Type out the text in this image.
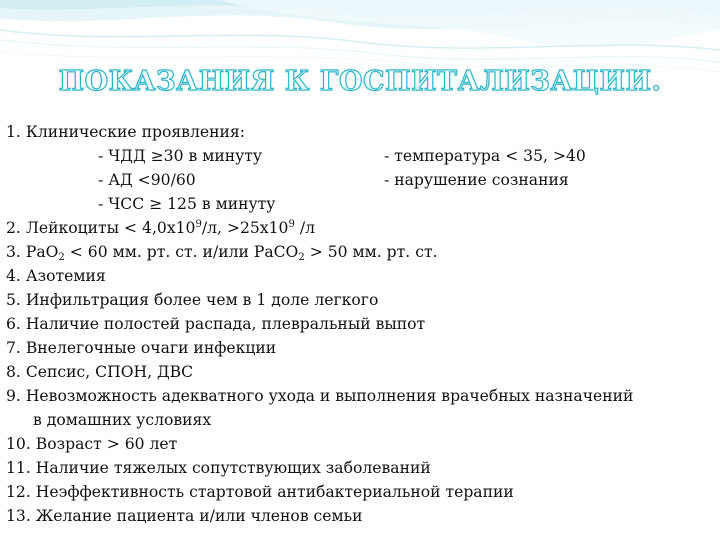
ПОКАЗАНИЯ К ГОСПИТАЛИЗАЦИИ.
1. Клинические проявления:
- ЧДД ≥30 в минуту	- температура < 35, >40
- АД <90/60	- нарушение сознания
- ЧСС ≥ 125 в минуту
2. Лейкоциты < $4,0х10^9/л$, $>25х10^9$ /л
3. РаО$_2$ < 60 мм. рт. ст. и/или РаСО$_2$ > 50 мм. рт. ст.
4. Азотемия
5. Инфильтрация более чем в 1 доле легкого
6. Наличие полостей распада, плевральный выпот
7. Внелегочные очаги инфекции
8. Сепсис, СПОН, ДВС
9. Невозможность адекватного ухода и выполнения врачебных назначений
в домашних условиях
10. Возраст > 60 лет
11. Наличие тяжелых сопутствующих заболеваний
12. Неэффективность стартовой антибактериальной терапии
13. Желание пациента и/или членов семьи
